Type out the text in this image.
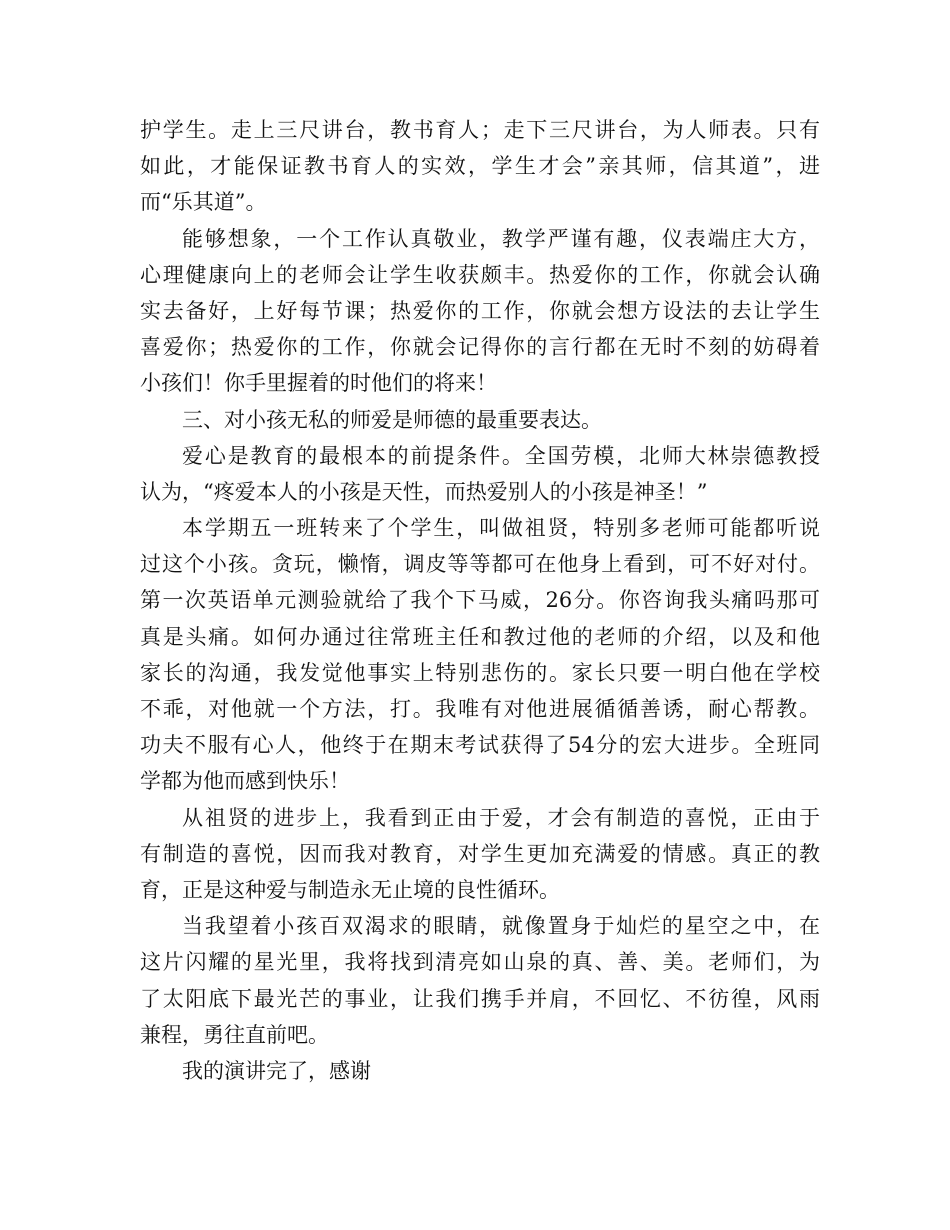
护学生。走上三尺讲台，教书育人；走下三尺讲台，为人师表。只有
如此，才能保证教书育人的实效，学生才会”亲其师，信其道”，进
而“乐其道”。
能够想象，一个工作认真敬业，教学严谨有趣，仪表端庄大方，
心理健康向上的老师会让学生收获颇丰。热爱你的工作，你就会认确
实去备好，上好每节课；热爱你的工作，你就会想方设法的去让学生
喜爱你；热爱你的工作，你就会记得你的言行都在无时不刻的妨碍着
小孩们！你手里握着的时他们的将来！
三、对小孩无私的师爱是师德的最重要表达。
爱心是教育的最根本的前提条件。全国劳模，北师大林崇德教授
认为，“疼爱本人的小孩是天性，而热爱别人的小孩是神圣！”
本学期五一班转来了个学生，叫做祖贤，特别多老师可能都听说
过这个小孩。贪玩，懒惰，调皮等等都可在他身上看到，可不好对付。
第一次英语单元测验就给了我个下马威，26分。你咨询我头痛吗那可
真是头痛。如何办通过往常班主任和教过他的老师的介绍，以及和他
家长的沟通，我发觉他事实上特别悲伤的。家长只要一明白他在学校
不乖，对他就一个方法，打。我唯有对他进展循循善诱，耐心帮教。
功夫不服有心人，他终于在期末考试获得了54分的宏大进步。全班同
学都为他而感到快乐！
从祖贤的进步上，我看到正由于爱，才会有制造的喜悦，正由于
有制造的喜悦，因而我对教育，对学生更加充满爱的情感。真正的教
育，正是这种爱与制造永无止境的良性循环。
当我望着小孩百双渴求的眼睛，就像置身于灿烂的星空之中，在
这片闪耀的星光里，我将找到清亮如山泉的真、善、美。老师们，为
了太阳底下最光芒的事业，让我们携手并肩，不回忆、不彷徨，风雨
兼程，勇往直前吧。
我的演讲完了，感谢
